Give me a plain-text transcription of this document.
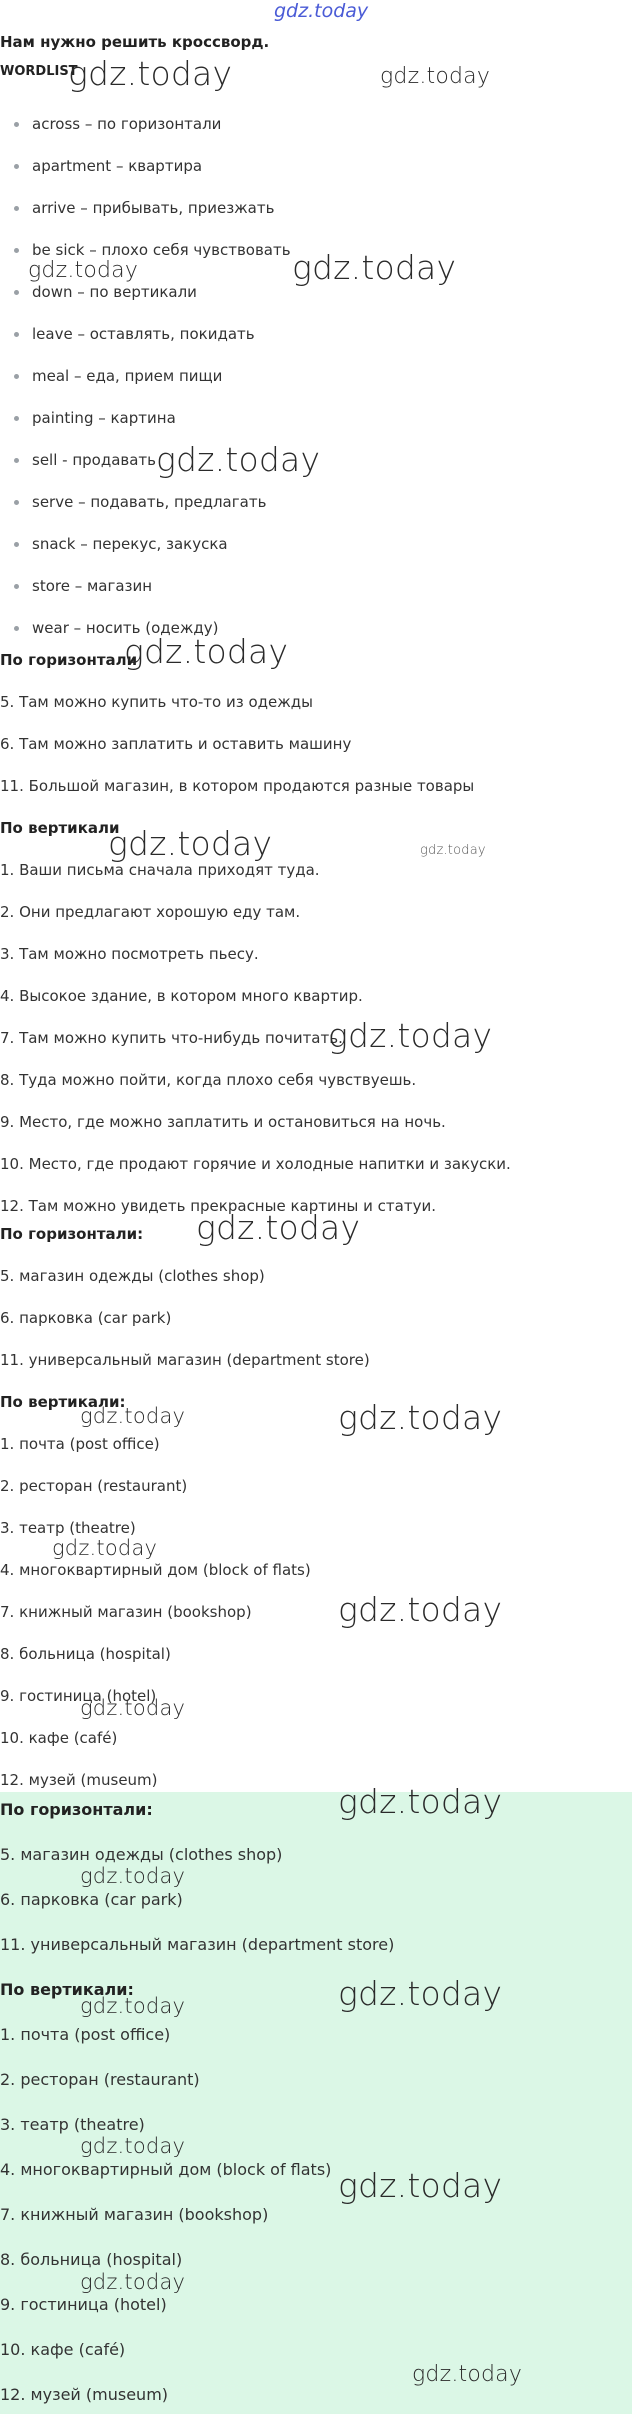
gdz.today

Нам нужно решить кроссворд.

WORDLIST

across – по горизонтали

apartment – квартира

arrive – прибывать, приезжать

be sick – плохо себя чувствовать

down – по вертикали

leave – оставлять, покидать

meal – еда, прием пищи

painting – картина

sell - продавать

serve – подавать, предлагать

snack – перекус, закуска

store – магазин

wear – носить (одежду)

По горизонтали

5. Там можно купить что-то из одежды

6. Там можно заплатить и оставить машину

11. Большой магазин, в котором продаются разные товары

По вертикали

1. Ваши письма сначала приходят туда.

2. Они предлагают хорошую еду там.

3. Там можно посмотреть пьесу.

4. Высокое здание, в котором много квартир.

7. Там можно купить что-нибудь почитать.

8. Туда можно пойти, когда плохо себя чувствуешь.

9. Место, где можно заплатить и остановиться на ночь.

10. Место, где продают горячие и холодные напитки и закуски.

12. Там можно увидеть прекрасные картины и статуи.

По горизонтали:

5. магазин одежды (clothes shop)

6. парковка (car park)

11. универсальный магазин (department store)

По вертикали:

1. почта (post office)

2. ресторан (restaurant)

3. театр (theatre)

4. многоквартирный дом (block of flats)

7. книжный магазин (bookshop)

8. больница (hospital)

9. гостиница (hotel)

10. кафе (café)

12. музей (museum)

По горизонтали:

5. магазин одежды (clothes shop)

6. парковка (car park)

11. универсальный магазин (department store)

По вертикали:

1. почта (post office)

2. ресторан (restaurant)

3. театр (theatre)

4. многоквартирный дом (block of flats)

7. книжный магазин (bookshop)

8. больница (hospital)

9. гостиница (hotel)

10. кафе (café)

12. музей (museum)

gdz.today	gdz.today
gdz.today	gdz.today
gdz.today
gdz.today
gdz.today	gdz.today
gdz.today
gdz.today
gdz.today	gdz.today
gdz.today
gdz.today
gdz.today
gdz.today
gdz.today
gdz.today
gdz.today
gdz.today
gdz.today
gdz.today
gdz.today
